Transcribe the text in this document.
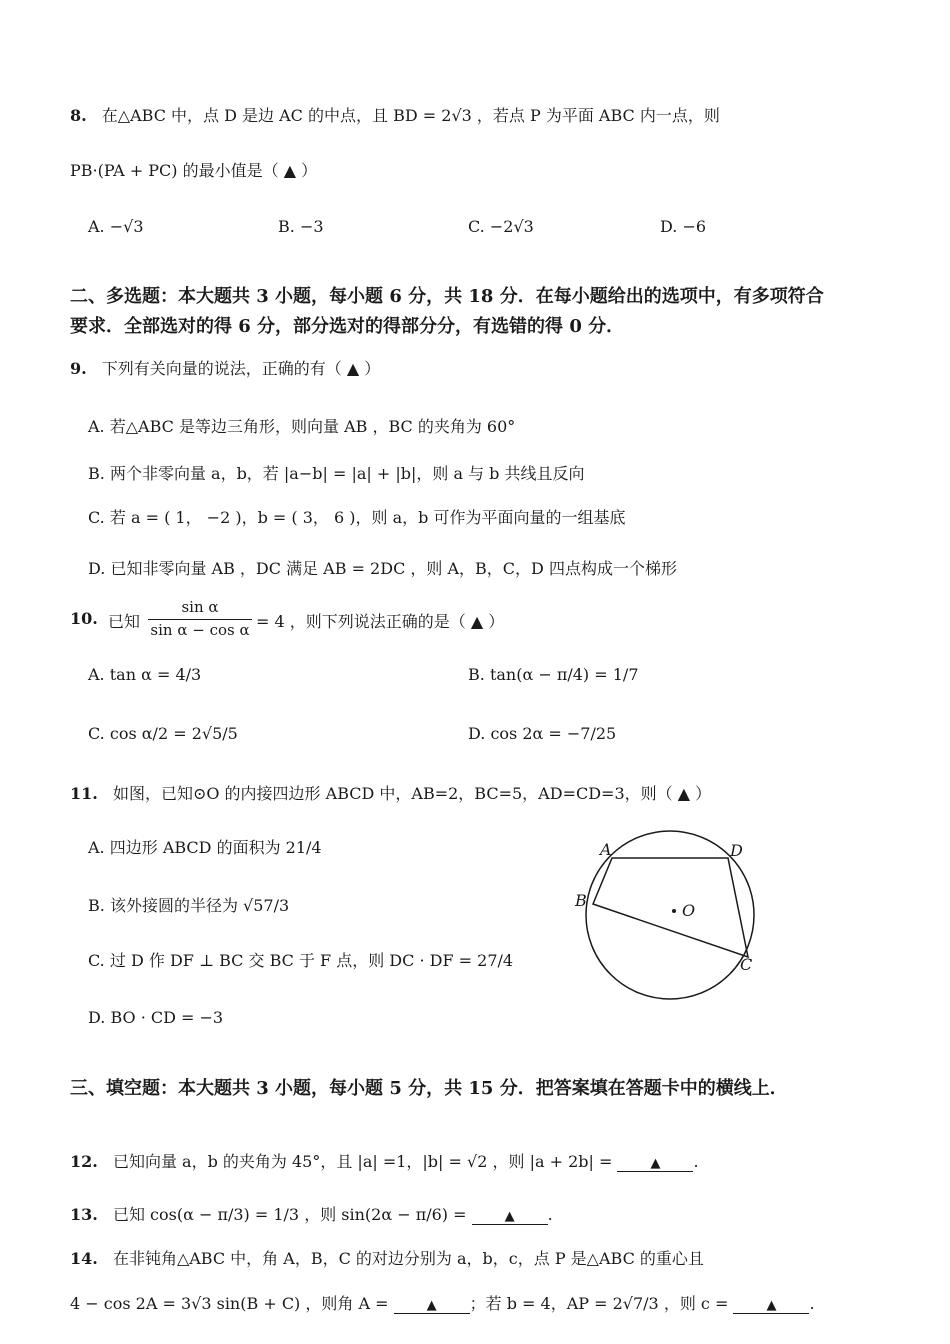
8. 在△ABC 中，点 D 是边 AC 的中点，且 BD = 2√3 ，若点 P 为平面 ABC 内一点，则
PB·(PA + PC) 的最小值是（ ▲ ）
A. −√3	B. −3	C. −2√3	D. −6
二、多选题：本大题共 3 小题，每小题 6 分，共 18 分．在每小题给出的选项中，有多项符合要求．全部选对的得 6 分，部分选对的得部分分，有选错的得 0 分．
9. 下列有关向量的说法，正确的有（ ▲ ）
A. 若△ABC 是等边三角形，则向量 AB ，BC 的夹角为 60°
B. 两个非零向量 a，b，若 |a−b| = |a| + |b|，则 a 与 b 共线且反向
C. 若 a = ( 1， −2 )，b = ( 3， 6 )，则 a，b 可作为平面向量的一组基底
D. 已知非零向量 AB ，DC 满足 AB = 2DC ，则 A，B，C，D 四点构成一个梯形
10. 已知
sin α
sin α − cos α = 4 ，则下列说法正确的是（ ▲ ）
A. tan α = 4/3	B. tan(α − π/4) = 1/7
C. cos α/2 = 2√5/5	D. cos 2α = −7/25
11. 如图，已知⊙O 的内接四边形 ABCD 中，AB=2，BC=5，AD=CD=3，则（ ▲ ）
A. 四边形 ABCD 的面积为 21/4
B. 该外接圆的半径为 √57/3
C. 过 D 作 DF ⊥ BC 交 BC 于 F 点，则 DC · DF = 27/4
D. BO · CD = −3
A	D
B
C
O
三、填空题：本大题共 3 小题，每小题 5 分，共 15 分．把答案填在答题卡中的横线上．
12. 已知向量 a，b 的夹角为 45°，且 |a| =1，|b| = √2 ，则 |a + 2b| =	▲ .
13. 已知 cos(α − π/3) = 1/3 ，则 sin(2α − π/6) =	▲ .
14. 在非钝角△ABC 中，角 A，B，C 的对边分别为 a，b，c，点 P 是△ABC 的重心且
4 − cos 2A = 3√3 sin(B + C) ，则角 A =	▲ ；若 b = 4，AP = 2√7/3 ，则 c =	▲ .
